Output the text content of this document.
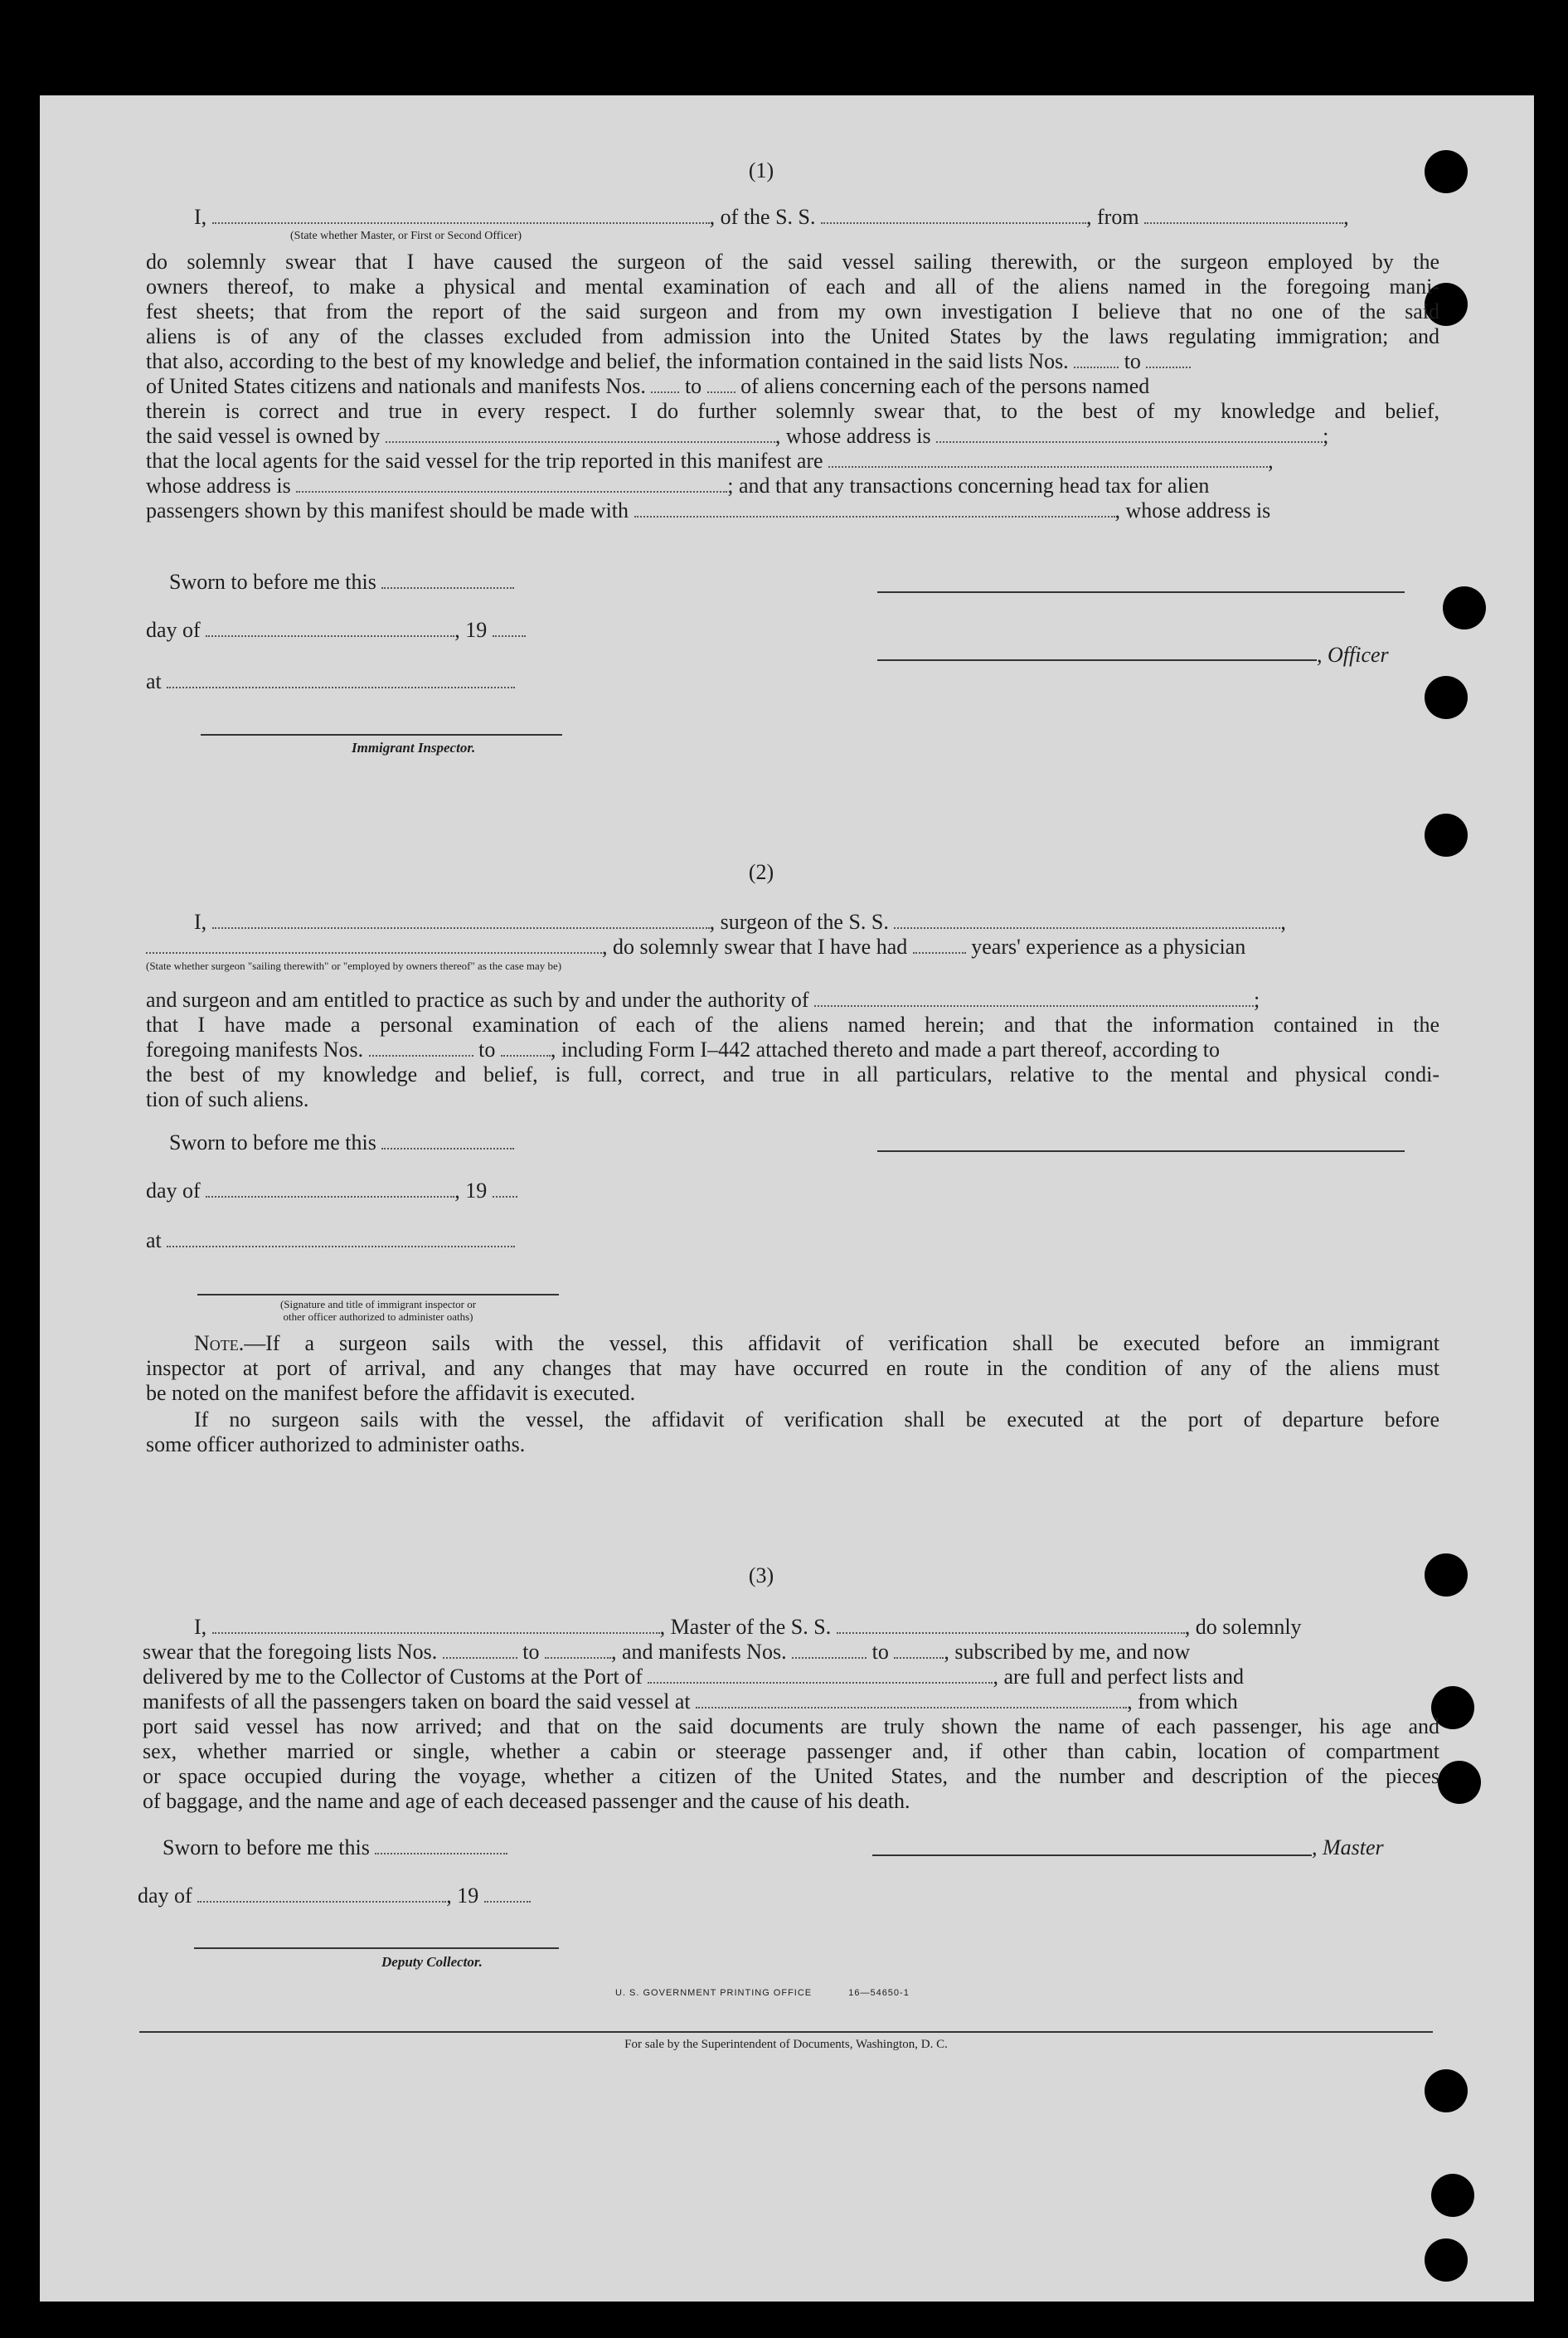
(1)
I,	, of the S. S.	, from	,
(State whether Master, or First or Second Officer)
do solemnly swear that I have caused the surgeon of the said vessel sailing therewith, or the surgeon employed by the
owners thereof, to make a physical and mental examination of each and all of the aliens named in the foregoing mani-
fest sheets; that from the report of the said surgeon and from my own investigation I believe that no one of the said
aliens is of any of the classes excluded from admission into the United States by the laws regulating immigration; and
that also, according to the best of my knowledge and belief, the information contained in the said lists Nos.	to
of United States citizens and nationals and manifests Nos. to of aliens concerning each of the persons named
therein is correct and true in every respect. I do further solemnly swear that, to the best of my knowledge and belief,
the said vessel is owned by	, whose address is	;
that the local agents for the said vessel for the trip reported in this manifest are	,
whose address is	; and that any transactions concerning head tax for alien
passengers shown by this manifest should be made with	, whose address is
Sworn to before me this
day of	, 19
, Officer
at
Immigrant Inspector.
(2)
I,	, surgeon of the S. S.	,
, do solemnly swear that I have had	years' experience as a physician
(State whether surgeon "sailing therewith" or "employed by owners thereof" as the case may be)
and surgeon and am entitled to practice as such by and under the authority of	;
that I have made a personal examination of each of the aliens named herein; and that the information contained in the
foregoing manifests Nos.	to	, including Form I–442 attached thereto and made a part thereof, according to
the best of my knowledge and belief, is full, correct, and true in all particulars, relative to the mental and physical condi-
tion of such aliens.
Sworn to before me this
day of	, 19
at
(Signature and title of immigrant inspector or
other officer authorized to administer oaths)
Note.—If a surgeon sails with the vessel, this affidavit of verification shall be executed before an immigrant
inspector at port of arrival, and any changes that may have occurred en route in the condition of any of the aliens must
be noted on the manifest before the affidavit is executed.
If no surgeon sails with the vessel, the affidavit of verification shall be executed at the port of departure before
some officer authorized to administer oaths.
(3)
I,	, Master of the S. S.	, do solemnly
swear that the foregoing lists Nos.	to	, and manifests Nos.	to	, subscribed by me, and now
delivered by me to the Collector of Customs at the Port of	, are full and perfect lists and
manifests of all the passengers taken on board the said vessel at	, from which
port said vessel has now arrived; and that on the said documents are truly shown the name of each passenger, his age and
sex, whether married or single, whether a cabin or steerage passenger and, if other than cabin, location of compartment
or space occupied during the voyage, whether a citizen of the United States, and the number and description of the pieces
of baggage, and the name and age of each deceased passenger and the cause of his death.
Sworn to before me this	, Master
day of	, 19
Deputy Collector.
U. S. GOVERNMENT PRINTING OFFICE	16—54650-1
For sale by the Superintendent of Documents, Washington, D. C.
